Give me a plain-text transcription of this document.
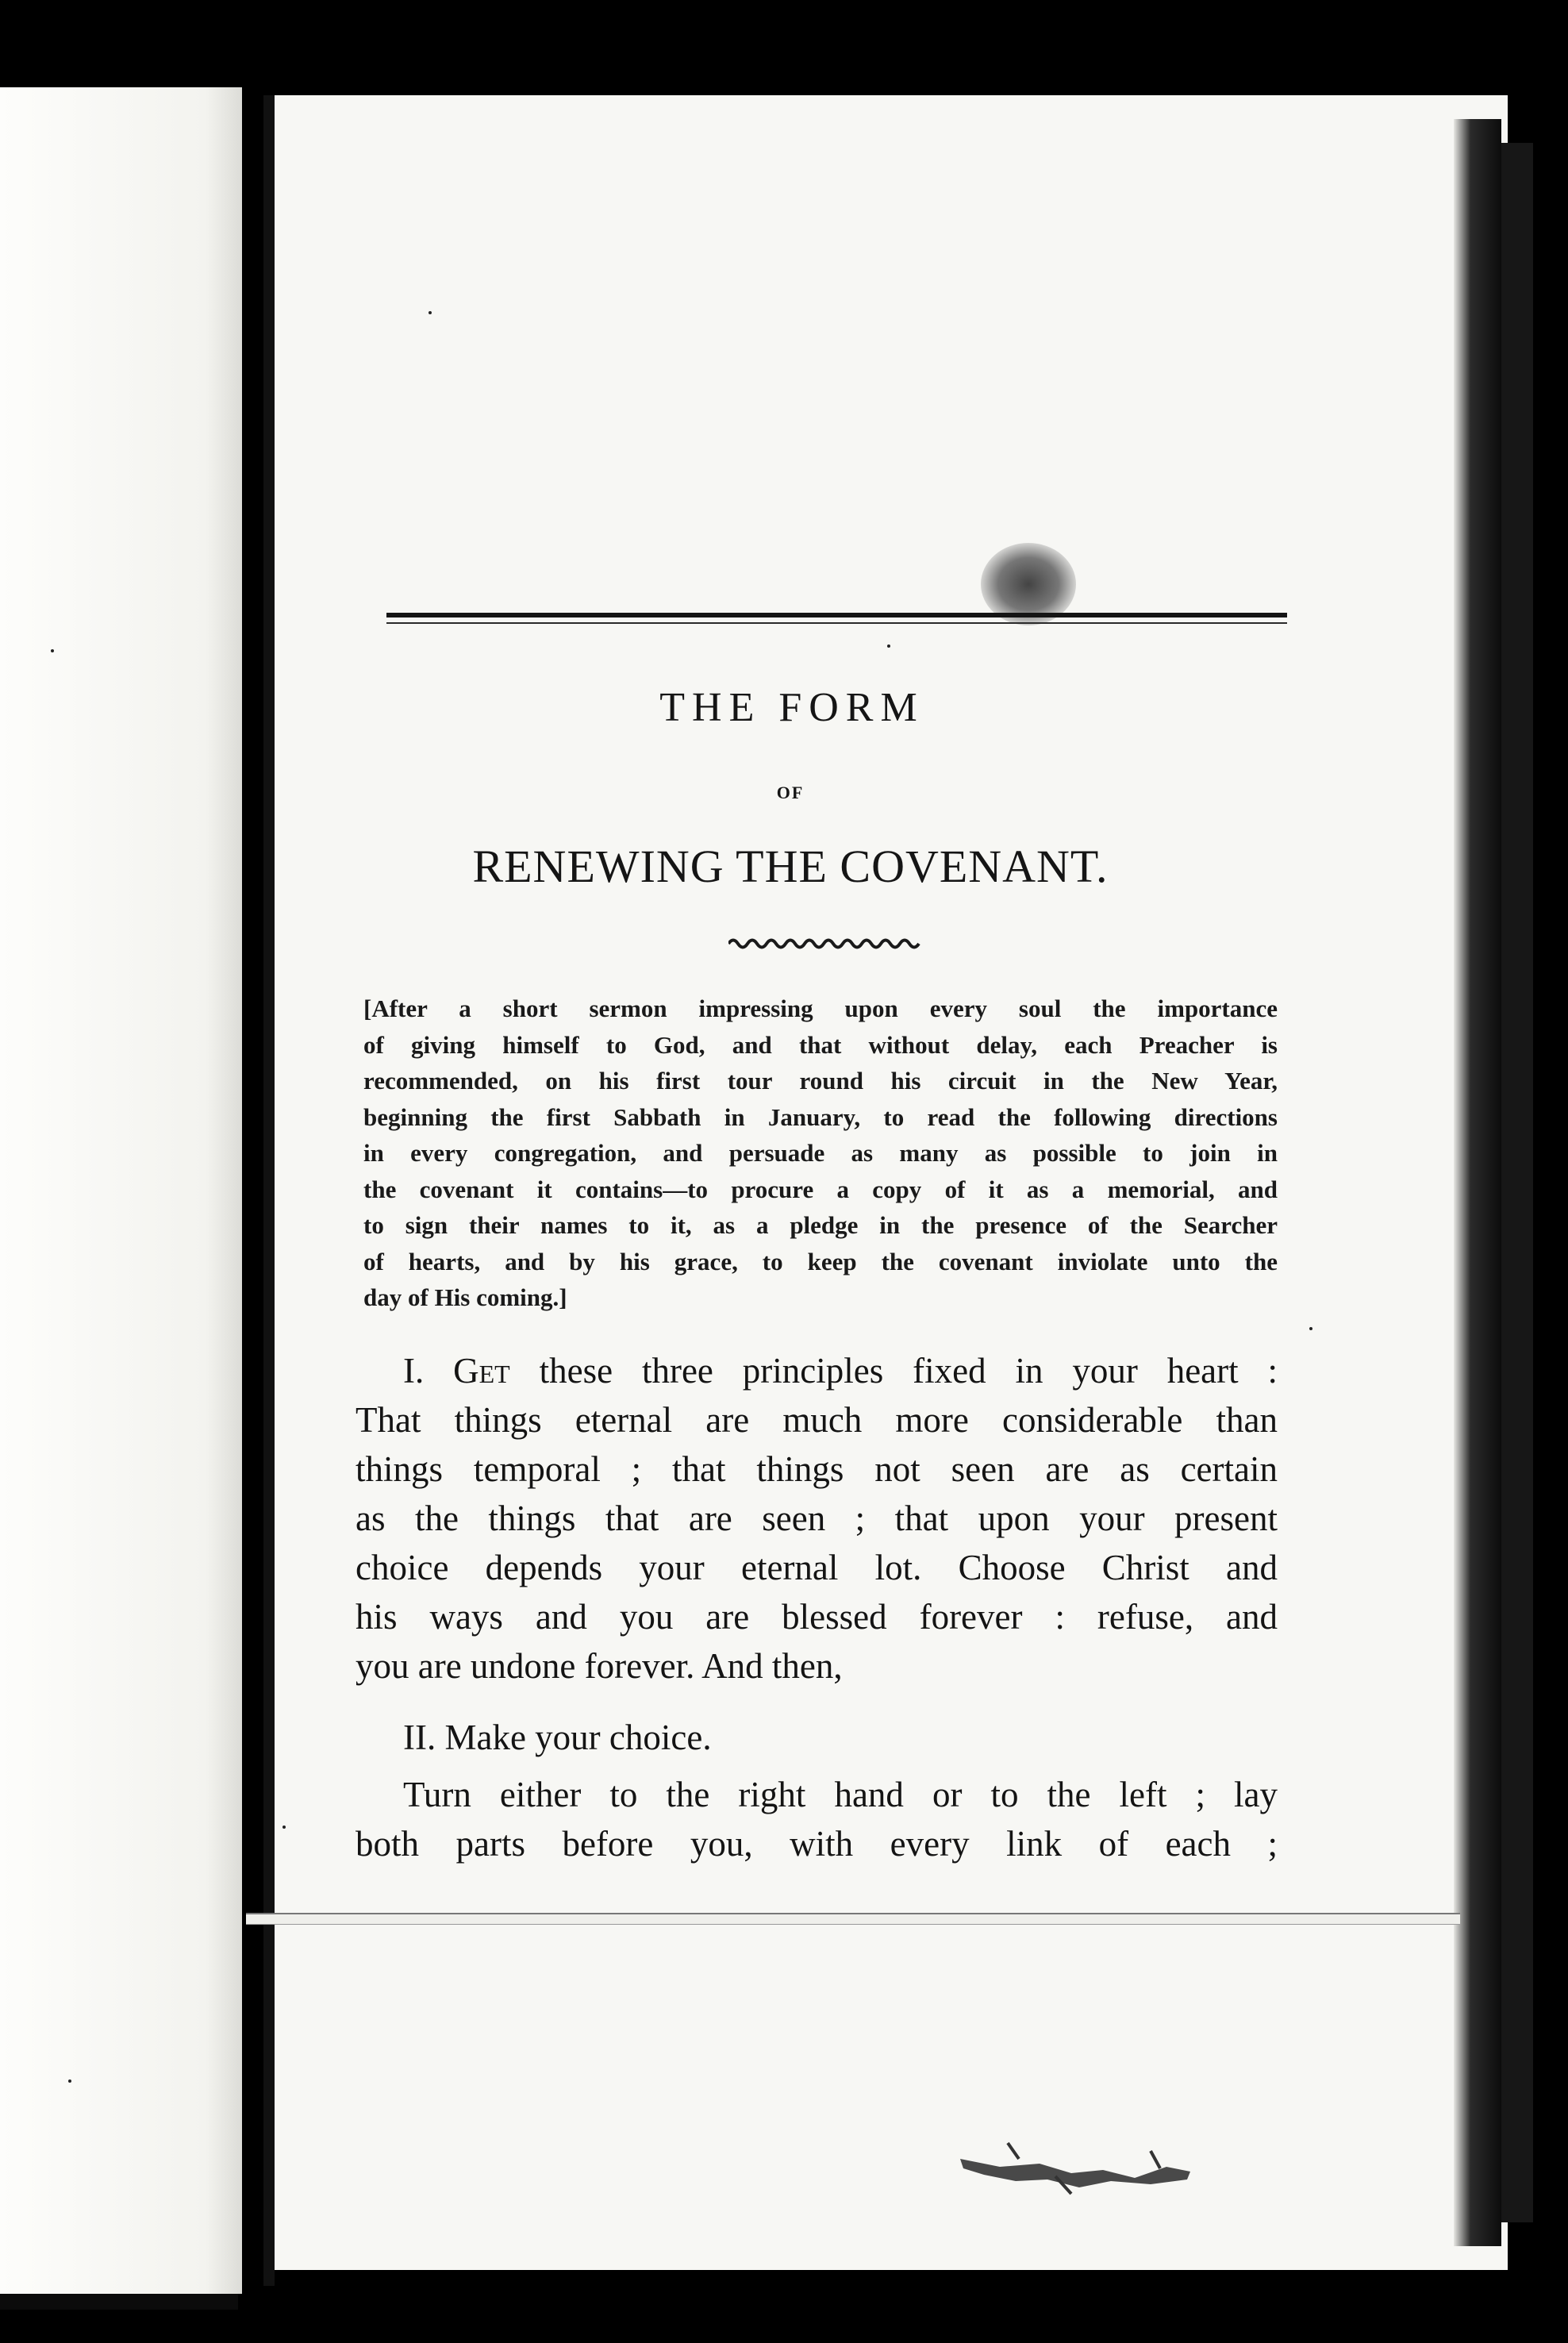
THE FORM
OF
RENEWING THE COVENANT.
[After a short sermon impressing upon every soul the importance
of giving himself to God, and that without delay, each Preacher is
recommended, on his first tour round his circuit in the New Year,
beginning the first Sabbath in January, to read the following directions
in every congregation, and persuade as many as possible to join in
the covenant it contains—to procure a copy of it as a memorial, and
to sign their names to it, as a pledge in the presence of the Searcher
of hearts, and by his grace, to keep the covenant inviolate unto the
day of His coming.]
I. Get these three principles fixed in your heart :
That things eternal are much more considerable than
things temporal ; that things not seen are as certain
as the things that are seen ; that upon your present
choice depends your eternal lot. Choose Christ and
his ways and you are blessed forever : refuse, and
you are undone forever. And then,
II. Make your choice.
Turn either to the right hand or to the left ; lay
both parts before you, with every link of each ;
